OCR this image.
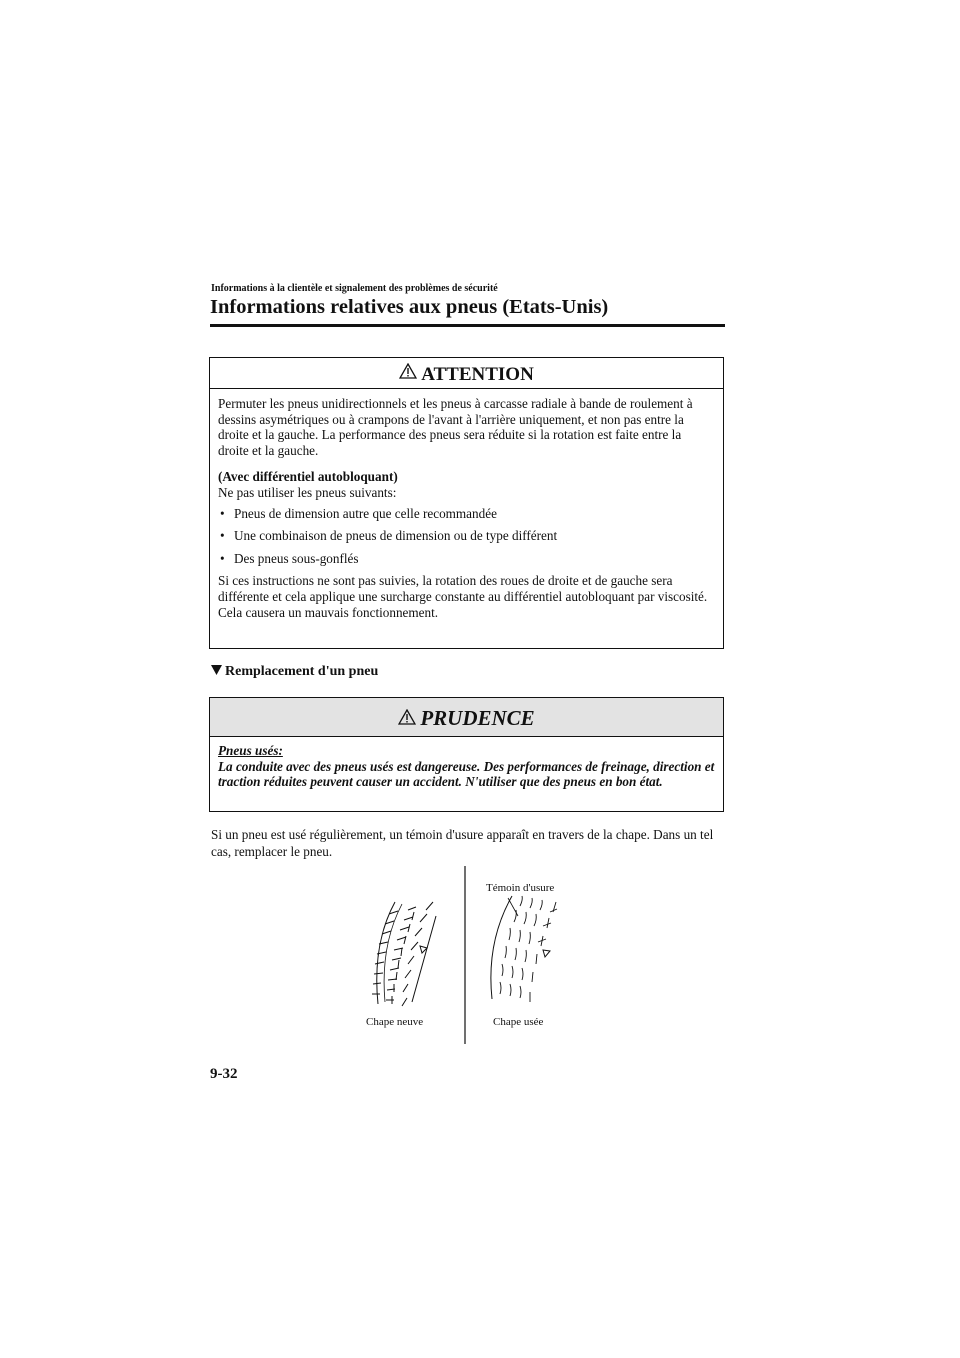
Informations à la clientèle et signalement des problèmes de sécurité
Informations relatives aux pneus (Etats-Unis)
ATTENTION

Permuter les pneus unidirectionnels et les pneus à carcasse radiale à bande de roulement à dessins asymétriques ou à crampons de l'avant à l'arrière uniquement, et non pas entre la droite et la gauche. La performance des pneus sera réduite si la rotation est faite entre la droite et la gauche.

(Avec différentiel autobloquant)

Ne pas utiliser les pneus suivants:

• Pneus de dimension autre que celle recommandée
• Une combinaison de pneus de dimension ou de type différent
• Des pneus sous-gonflés

Si ces instructions ne sont pas suivies, la rotation des roues de droite et de gauche sera différente et cela applique une surcharge constante au différentiel autobloquant par viscosité.

Cela causera un mauvais fonctionnement.

Remplacement d'un pneu
PRUDENCE

Pneus usés:

La conduite avec des pneus usés est dangereuse. Des performances de freinage, direction et traction réduites peuvent causer un accident. N'utiliser que des pneus en bon état.

Si un pneu est usé régulièrement, un témoin d'usure apparaît en travers de la chape. Dans un tel cas, remplacer le pneu.
Témoin d'usure
Chape neuve	Chape usée
9-32
